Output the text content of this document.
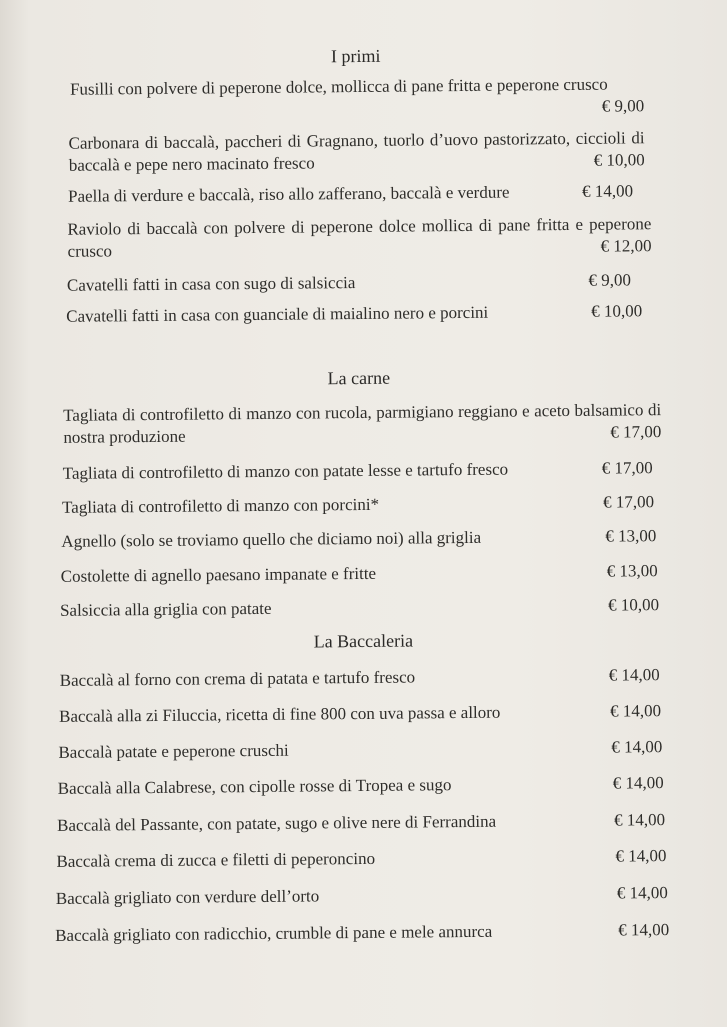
I primi
Fusilli con polvere di peperone dolce, mollicca di pane fritta e peperone crusco
€ 9,00
Carbonara di baccalà, paccheri di Gragnano, tuorlo d’uovo pastorizzato, ciccioli di baccalà e pepe nero macinato fresco	€ 10,00
Paella di verdure e baccalà, riso allo zafferano, baccalà e verdure	€ 14,00
Raviolo di baccalà con polvere di peperone dolce mollica di pane fritta e peperone crusco	€ 12,00
Cavatelli fatti in casa con sugo di salsiccia	€ 9,00
Cavatelli fatti in casa con guanciale di maialino nero e porcini	€ 10,00
La carne
Tagliata di controfiletto di manzo con rucola, parmigiano reggiano e aceto balsamico di nostra produzione	€ 17,00
Tagliata di controfiletto di manzo con patate lesse e tartufo fresco	€ 17,00
Tagliata di controfiletto di manzo con porcini*	€ 17,00
Agnello (solo se troviamo quello che diciamo noi) alla griglia	€ 13,00
Costolette di agnello paesano impanate e fritte	€ 13,00
Salsiccia alla griglia con patate	€ 10,00
La Baccaleria
Baccalà al forno con crema di patata e tartufo fresco	€ 14,00
Baccalà alla zi Filuccia, ricetta di fine 800 con uva passa e alloro	€ 14,00
Baccalà patate e peperone cruschi	€ 14,00
Baccalà alla Calabrese, con cipolle rosse di Tropea e sugo	€ 14,00
Baccalà del Passante, con patate, sugo e olive nere di Ferrandina	€ 14,00
Baccalà crema di zucca e filetti di peperoncino	€ 14,00
Baccalà grigliato con verdure dell’orto	€ 14,00
Baccalà grigliato con radicchio, crumble di pane e mele annurca	€ 14,00
